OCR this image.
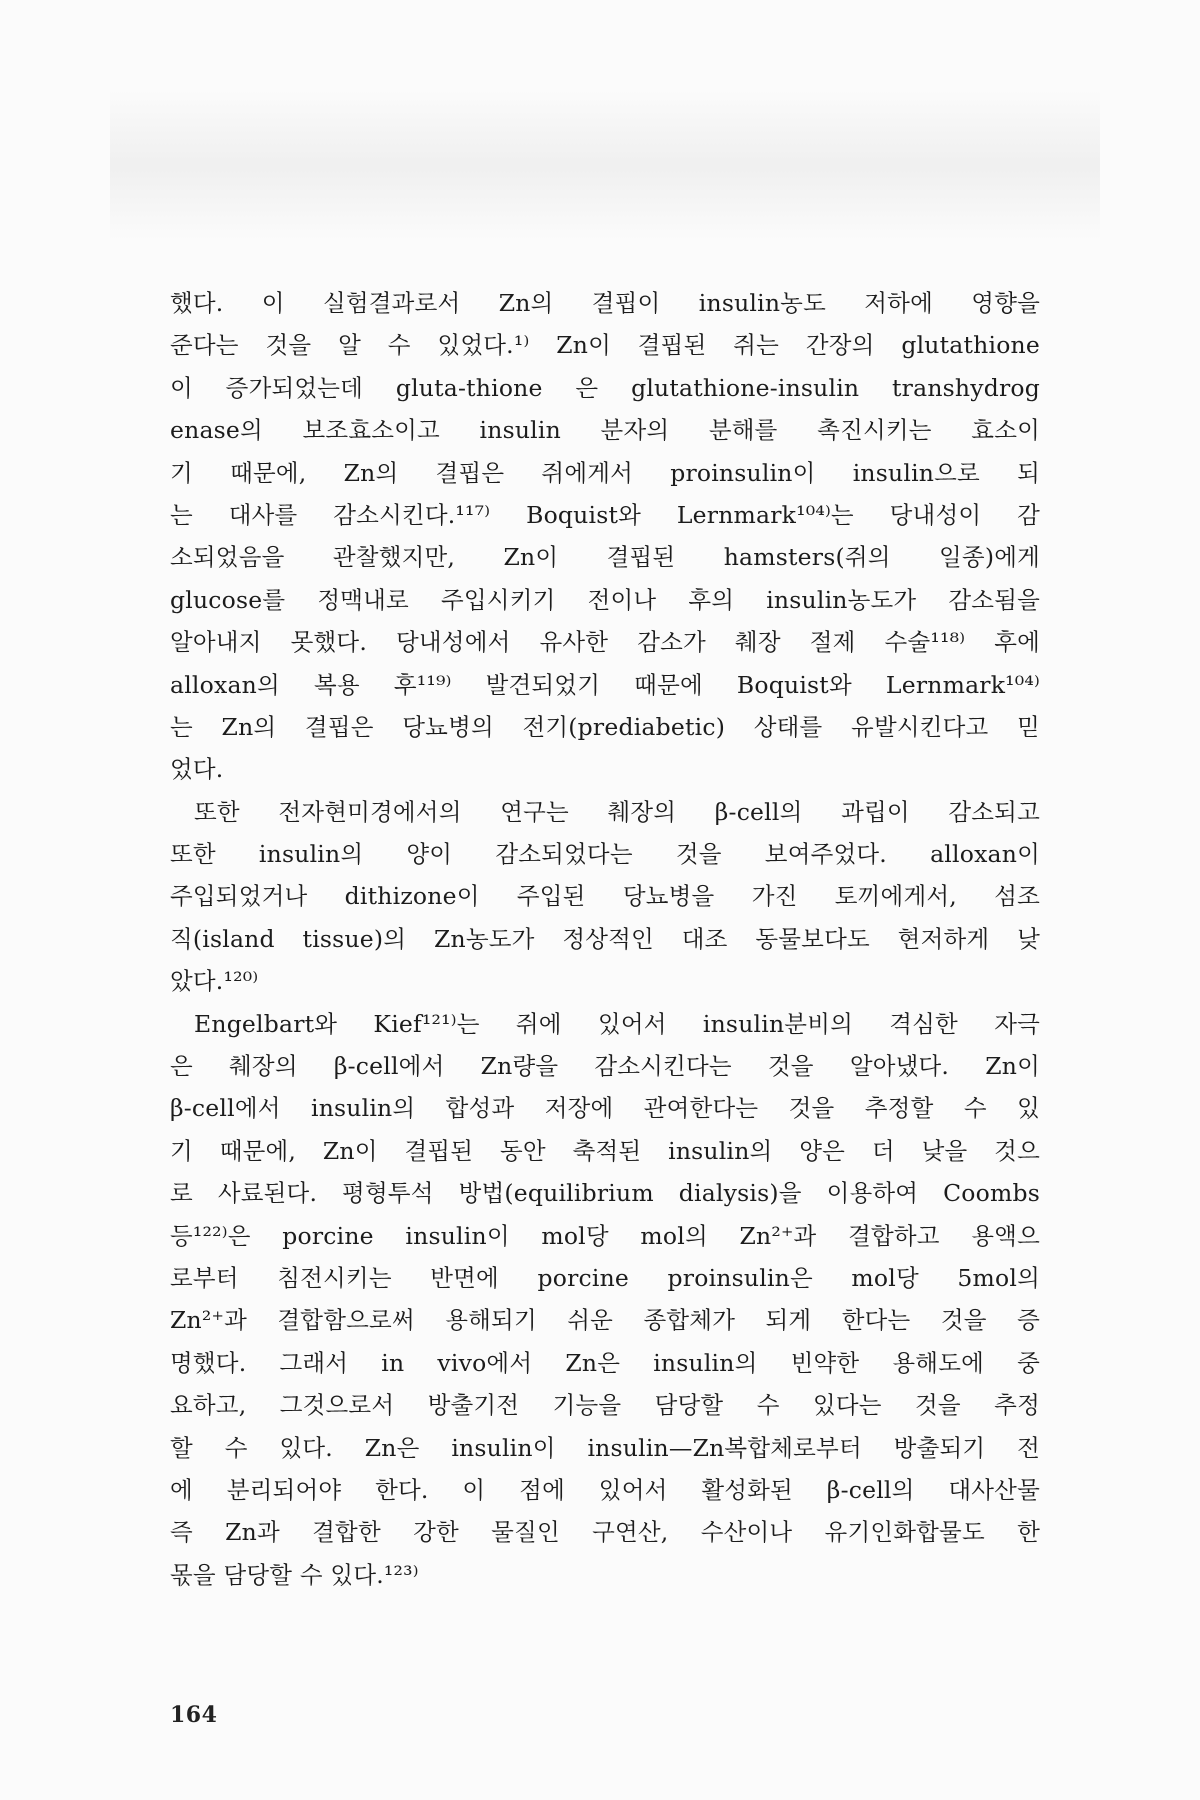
했다. 이 실험결과로서 Zn의 결핍이 insulin농도 저하에 영향을
준다는 것을 알 수 있었다.¹⁾ Zn이 결핍된 쥐는 간장의 glutathione
이 증가되었는데 gluta-thione 은 glutathione-insulin transhydrog
enase의 보조효소이고 insulin 분자의 분해를 촉진시키는 효소이
기 때문에, Zn의 결핍은 쥐에게서 proinsulin이 insulin으로 되
는 대사를 감소시킨다.¹¹⁷⁾ Boquist와 Lernmark¹⁰⁴⁾는 당내성이 감
소되었음을 관찰했지만, Zn이 결핍된 hamsters(쥐의 일종)에게
glucose를 정맥내로 주입시키기 전이나 후의 insulin농도가 감소됨을
알아내지 못했다. 당내성에서 유사한 감소가 췌장 절제 수술¹¹⁸⁾ 후에
alloxan의 복용 후¹¹⁹⁾ 발견되었기 때문에 Boquist와 Lernmark¹⁰⁴⁾
는 Zn의 결핍은 당뇨병의 전기(prediabetic) 상태를 유발시킨다고 믿
었다.
또한 전자현미경에서의 연구는 췌장의 β-cell의 과립이 감소되고
또한 insulin의 양이 감소되었다는 것을 보여주었다. alloxan이
주입되었거나 dithizone이 주입된 당뇨병을 가진 토끼에게서, 섬조
직(island tissue)의 Zn농도가 정상적인 대조 동물보다도 현저하게 낮
았다.¹²⁰⁾
Engelbart와 Kief¹²¹⁾는 쥐에 있어서 insulin분비의 격심한 자극
은 췌장의 β-cell에서 Zn량을 감소시킨다는 것을 알아냈다. Zn이
β-cell에서 insulin의 합성과 저장에 관여한다는 것을 추정할 수 있
기 때문에, Zn이 결핍된 동안 축적된 insulin의 양은 더 낮을 것으
로 사료된다. 평형투석 방법(equilibrium dialysis)을 이용하여 Coombs
등¹²²⁾은 porcine insulin이 mol당 mol의 Zn²⁺과 결합하고 용액으
로부터 침전시키는 반면에 porcine proinsulin은 mol당 5mol의
Zn²⁺과 결합함으로써 용해되기 쉬운 종합체가 되게 한다는 것을 증
명했다. 그래서 in vivo에서 Zn은 insulin의 빈약한 용해도에 중
요하고, 그것으로서 방출기전 기능을 담당할 수 있다는 것을 추정
할 수 있다. Zn은 insulin이 insulin—Zn복합체로부터 방출되기 전
에 분리되어야 한다. 이 점에 있어서 활성화된 β-cell의 대사산물
즉 Zn과 결합한 강한 물질인 구연산, 수산이나 유기인화합물도 한
몫을 담당할 수 있다.¹²³⁾
164
